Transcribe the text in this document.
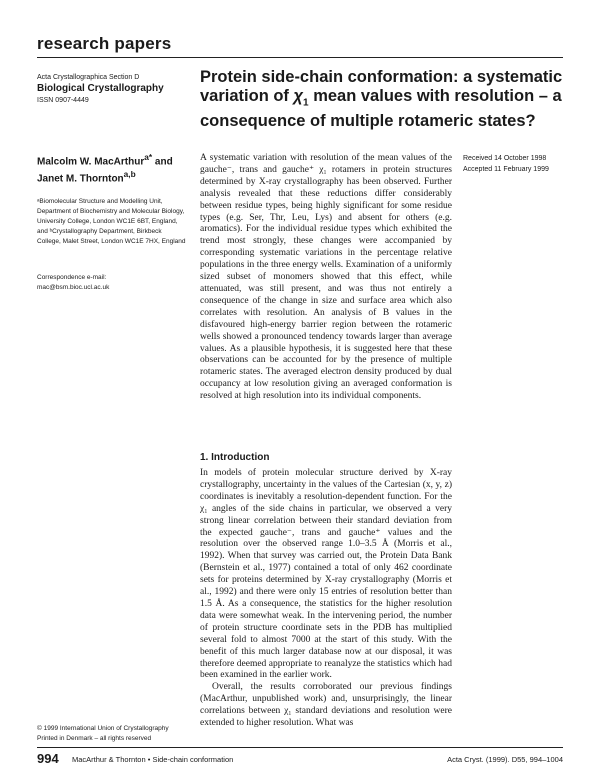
research papers
Acta Crystallographica Section D
Biological Crystallography
ISSN 0907-4449
Protein side-chain conformation: a systematic variation of $\chi_1$ mean values with resolution – a consequence of multiple rotameric states?
Malcolm W. MacArthur$^{a*}$ and
Janet M. Thornton$^{a,b}$
ᵃBiomolecular Structure and Modelling Unit, Department of Biochemistry and Molecular Biology, University College, London WC1E 6BT, England, and ᵇCrystallography Department, Birkbeck College, Malet Street, London WC1E 7HX, England
Correspondence e-mail:
mac@bsm.bioc.ucl.ac.uk
A systematic variation with resolution of the mean values of the gauche⁻, trans and gauche⁺ χ₁ rotamers in protein structures determined by X-ray crystallography has been observed. Further analysis revealed that these reductions differ considerably between residue types, being highly significant for some residue types (e.g. Ser, Thr, Leu, Lys) and absent for others (e.g. aromatics). For the individual residue types which exhibited the trend most strongly, these changes were accompanied by corresponding systematic variations in the percentage relative populations in the three energy wells. Examination of a uniformly sized subset of monomers showed that this effect, while attenuated, was still present, and was thus not entirely a consequence of the change in size and surface area which also correlates with resolution. An analysis of B values in the disfavoured high-energy barrier region between the rotameric wells showed a pronounced tendency towards larger than average values. As a plausible hypothesis, it is suggested here that these observations can be accounted for by the presence of multiple rotameric states. The averaged electron density produced by dual occupancy at low resolution giving an averaged conformation is resolved at high resolution into its individual components.
Received 14 October 1998
Accepted 11 February 1999
1. Introduction

In models of protein molecular structure derived by X-ray crystallography, uncertainty in the values of the Cartesian (x, y, z) coordinates is inevitably a resolution-dependent function. For the χ₁ angles of the side chains in particular, we observed a very strong linear correlation between their standard deviation from the expected gauche⁻, trans and gauche⁺ values and the resolution over the observed range 1.0–3.5 Å (Morris et al., 1992). When that survey was carried out, the Protein Data Bank (Bernstein et al., 1977) contained a total of only 462 coordinate sets for proteins determined by X-ray crystallography (Morris et al., 1992) and there were only 15 entries of resolution better than 1.5 Å. As a consequence, the statistics for the higher resolution data were somewhat weak. In the intervening period, the number of protein structure coordinate sets in the PDB has multiplied several fold to almost 7000 at the start of this study. With the benefit of this much larger database now at our disposal, it was therefore deemed appropriate to reanalyze the statistics which had been examined in the earlier work.

Overall, the results corroborated our previous findings (MacArthur, unpublished work) and, unsurprisingly, the linear correlations between χ₁ standard deviations and resolution were extended to higher resolution. What was

© 1999 International Union of Crystallography
Printed in Denmark – all rights reserved
994 MacArthur & Thornton • Side-chain conformation	Acta Cryst. (1999). D55, 994–1004
